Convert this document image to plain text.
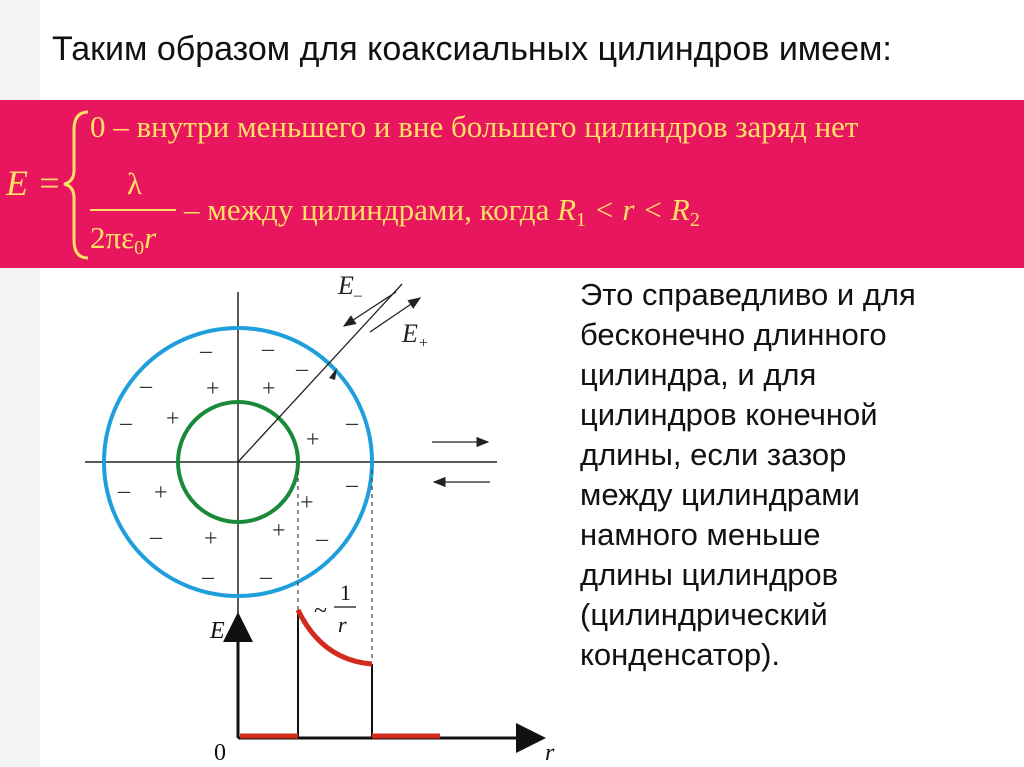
Таким образом для коаксиальных цилиндров имеем:
E =
0 – внутри меньшего и вне большего цилиндров заряд нет
λ
2πε0r
– между цилиндрами, когда R1 < r < R2
Это справедливо и для
бесконечно длинного
цилиндра, и для
цилиндров конечной
длины, если зазор
между цилиндрами
намного меньше
длины цилиндров
(цилиндрический
конденсатор).
$E_-$
$E_+$
– –
–
–	–
–	–
–	–
– –
–
+ +
+
+
+
+
+
+
E
r
0
~
1
r
